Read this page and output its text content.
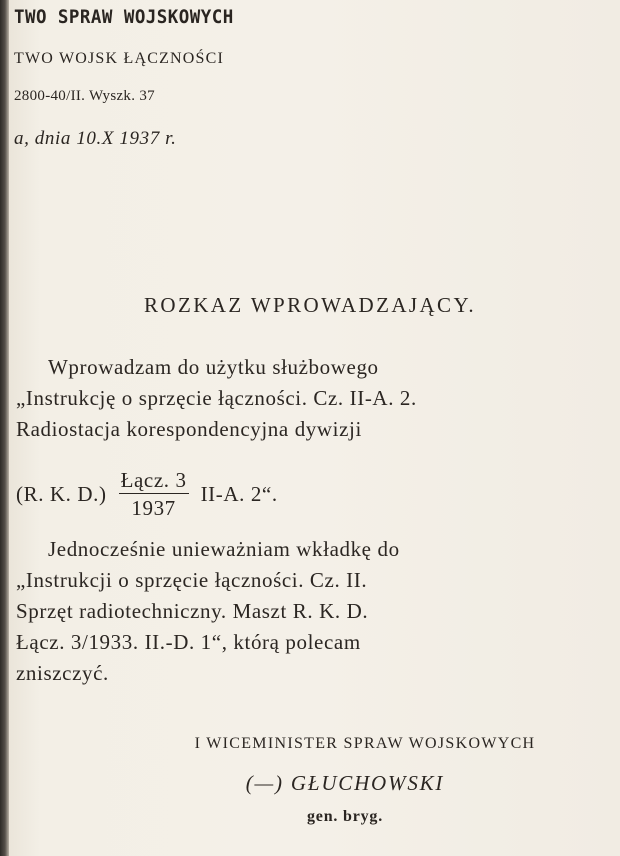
TWO SPRAW WOJSKOWYCH
TWO WOJSK ŁĄCZNOŚCI
2800-40/II. Wyszk. 37
a, dnia 10.X 1937 r.
ROZKAZ WPROWADZAJĄCY.
Wprowadzam do użytku służbowego
„Instrukcję o sprzęcie łączności. Cz. II-A. 2.
Radiostacja korespondencyjna dywizji
(R. K. $D.) \frac{\text{Łącz. 3}}{1937} II-A$. 2“.
Jednocześnie unieważniam wkładkę do
„Instrukcji o sprzęcie łączności. Cz. II.
Sprzęt radiotechniczny. Maszt R. K. D.
Łącz. 3/1933. II.-D. 1“, którą polecam
zniszczyć.
I WICEMINISTER SPRAW WOJSKOWYCH
(—) GŁUCHOWSKI
gen. bryg.
